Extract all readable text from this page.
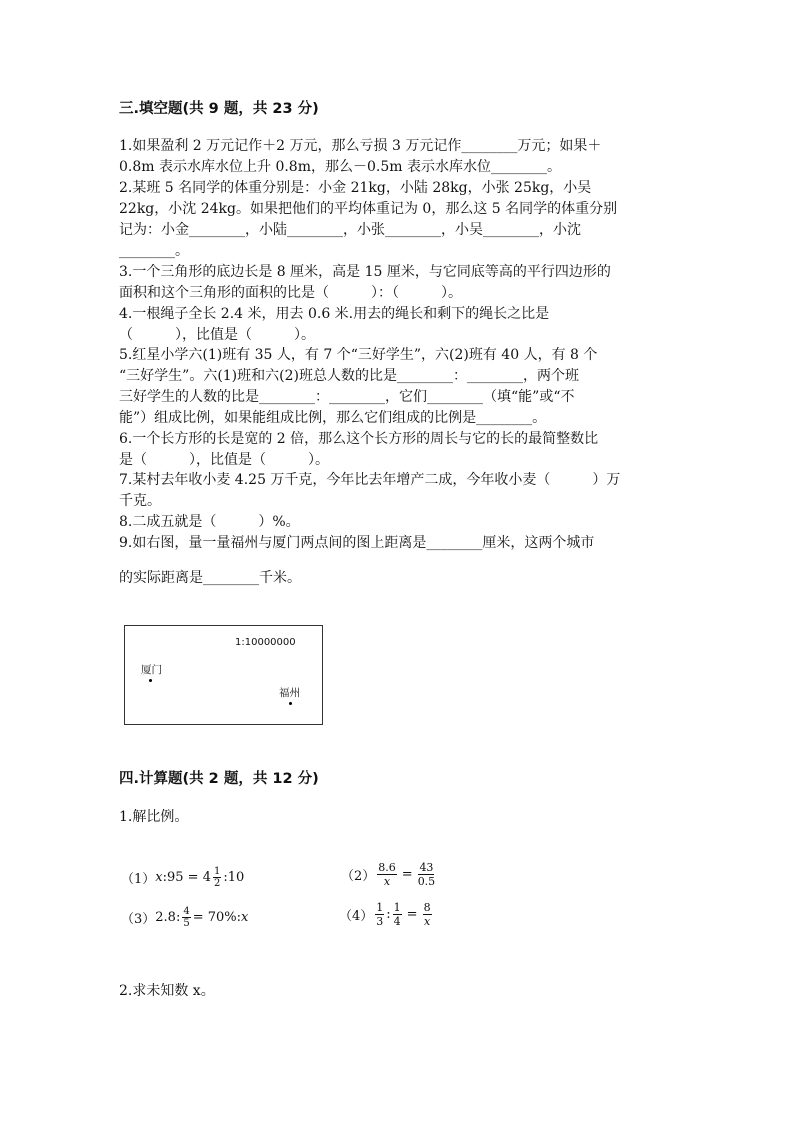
三.填空题(共 9 题，共 23 分)
1.如果盈利 2 万元记作＋2 万元，那么亏损 3 万元记作________万元；如果＋
0.8m 表示水库水位上升 0.8m，那么－0.5m 表示水库水位________。
2.某班 5 名同学的体重分别是：小金 21kg，小陆 28kg，小张 25kg，小吴
22kg，小沈 24kg。如果把他们的平均体重记为 0，那么这 5 名同学的体重分别
记为：小金________，小陆________，小张________，小吴________，小沈
________。
3.一个三角形的底边长是 8 厘米，高是 15 厘米，与它同底等高的平行四边形的
面积和这个三角形的面积的比是（　　　）：（　　　）。
4.一根绳子全长 2.4 米，用去 0.6 米.用去的绳长和剩下的绳长之比是
（　　　），比值是（　　　）。
5.红星小学六(1)班有 35 人，有 7 个“三好学生”，六(2)班有 40 人，有 8 个
“三好学生”。六(1)班和六(2)班总人数的比是________：________，两个班
三好学生的人数的比是________：________，它们________（填“能”或“不
能”）组成比例，如果能组成比例，那么它们组成的比例是________。
6.一个长方形的长是宽的 2 倍，那么这个长方形的周长与它的长的最简整数比
是（　　　），比值是（　　　）。
7.某村去年收小麦 4.25 万千克，今年比去年增产二成，今年收小麦（　　　）万
千克。
8.二成五就是（　　　）%。
9.如右图，量一量福州与厦门两点间的图上距离是________厘米，这两个城市
的实际距离是________千米。
1:10000000
厦门
福州
四.计算题(共 2 题，共 12 分)
1.解比例。
（1） x :95 = $4 \frac{1}{2}$ :10	$(2) \frac{8.6}{x} = \frac{43}{0.5}$
（3） 2.8: $\frac{4}{5} = 70\%$: x	$(4) \frac{1}{3}$ : $\frac{1}{4} = \frac{8}{x}$
2.求未知数 x。
